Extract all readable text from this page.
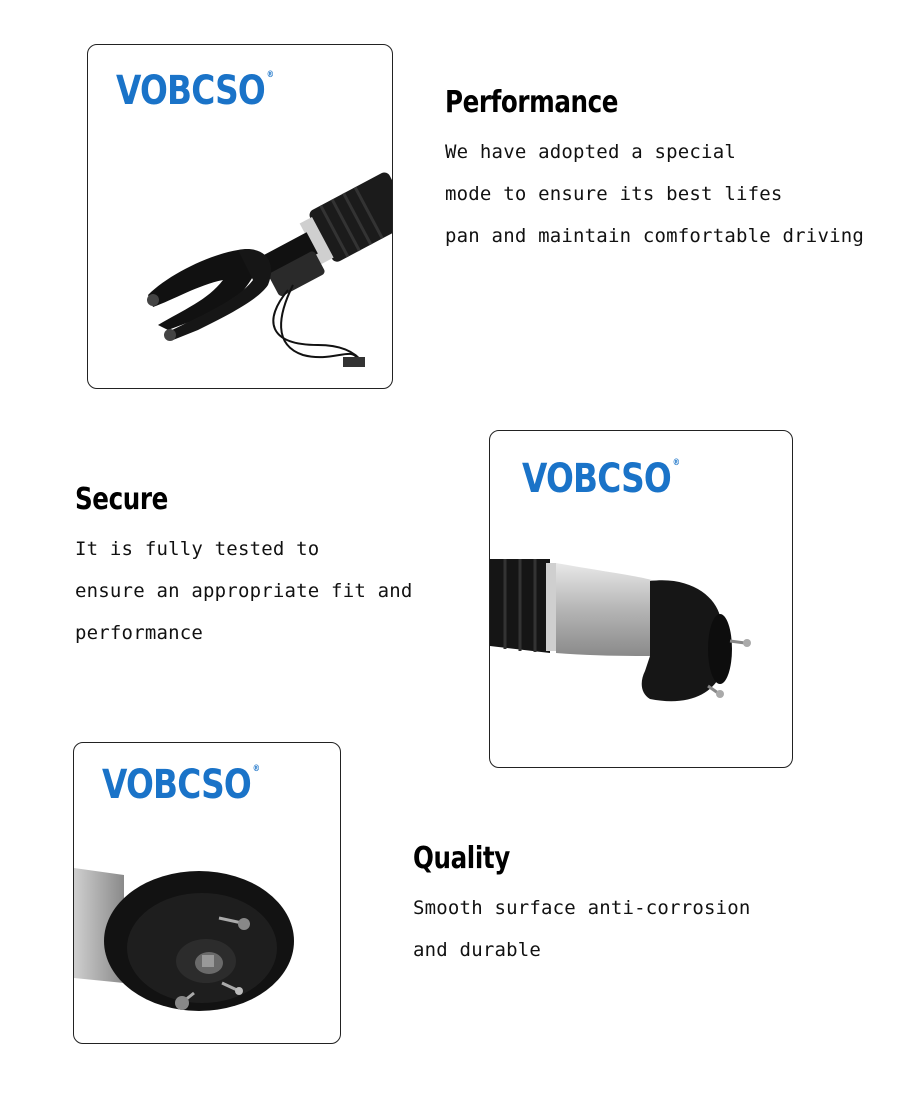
VOBCSO ®
Performance
We have adopted a special
mode to ensure its best lifes
pan and maintain comfortable driving
Secure
It is fully tested to
ensure an appropriate fit and
performance
VOBCSO ®
VOBCSO ®
Quality
Smooth surface anti-corrosion
and durable
